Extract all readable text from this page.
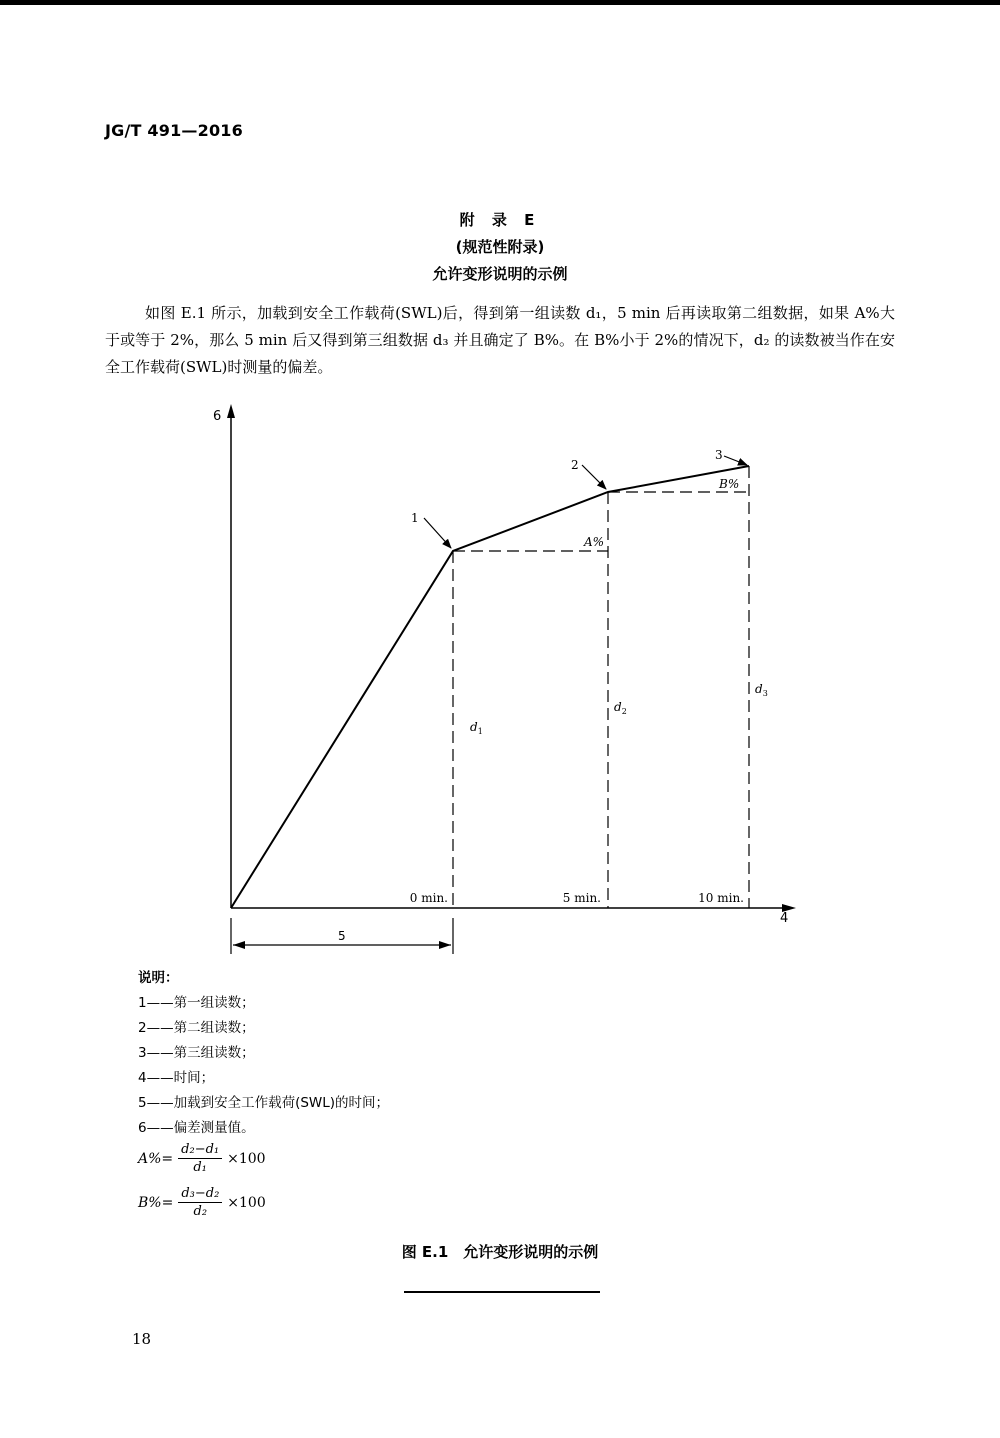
JG/T 491—2016
附 录 E
(规范性附录)
允许变形说明的示例

如图 E.1 所示，加载到安全工作载荷(SWL)后，得到第一组读数 d₁，5 min 后再读取第二组数据，如果 A%大于或等于 2%，那么 5 min 后又得到第三组数据 d₃ 并且确定了 B%。在 B%小于 2%的情况下，d₂ 的读数被当作在安全工作载荷(SWL)时测量的偏差。

6
4
1
2
3
A%
B%
$d_1$
$d_2$
$d_3$
0 min.	5 min.	10 min.
5
说明：
1——第一组读数；
2——第二组读数；
3——第三组读数；
4——时间；
5——加载到安全工作载荷(SWL)的时间；
6——偏差测量值。
$A\%= \frac{\text{d₂−d₁}}{\text{d₁}} \times 100$
$B\%= \frac{\text{d₃−d₂}}{\text{d₂}} \times 100$
图 E.1　允许变形说明的示例
18
